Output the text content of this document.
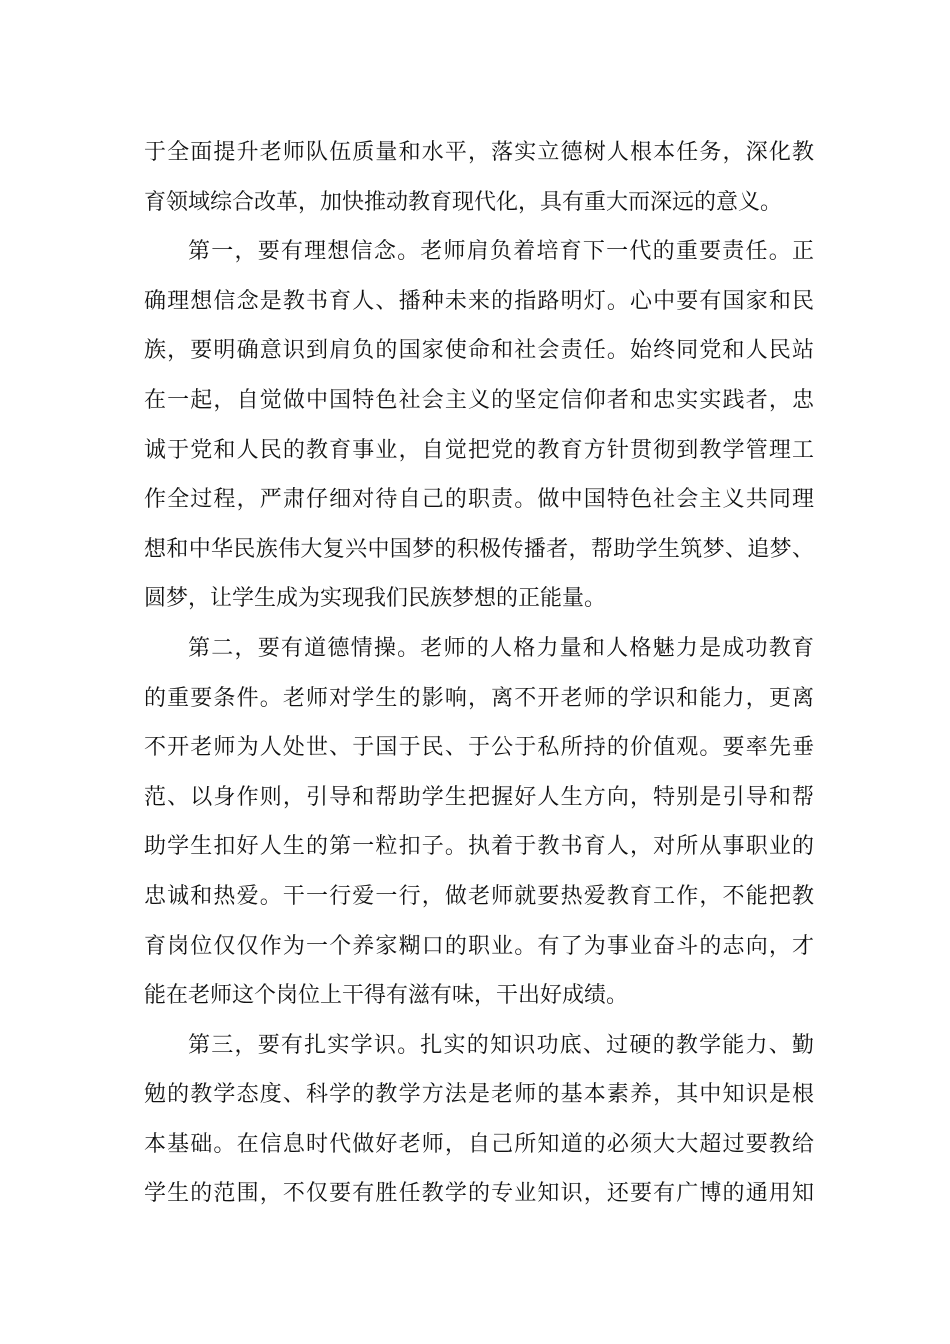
于全面提升老师队伍质量和水平，落实立德树人根本任务，深化教
育领域综合改革，加快推动教育现代化，具有重大而深远的意义。
第一，要有理想信念。老师肩负着培育下一代的重要责任。正
确理想信念是教书育人、播种未来的指路明灯。心中要有国家和民
族，要明确意识到肩负的国家使命和社会责任。始终同党和人民站
在一起，自觉做中国特色社会主义的坚定信仰者和忠实实践者，忠
诚于党和人民的教育事业，自觉把党的教育方针贯彻到教学管理工
作全过程，严肃仔细对待自己的职责。做中国特色社会主义共同理
想和中华民族伟大复兴中国梦的积极传播者，帮助学生筑梦、追梦、
圆梦，让学生成为实现我们民族梦想的正能量。
第二，要有道德情操。老师的人格力量和人格魅力是成功教育
的重要条件。老师对学生的影响，离不开老师的学识和能力，更离
不开老师为人处世、于国于民、于公于私所持的价值观。要率先垂
范、以身作则，引导和帮助学生把握好人生方向，特别是引导和帮
助学生扣好人生的第一粒扣子。执着于教书育人，对所从事职业的
忠诚和热爱。干一行爱一行，做老师就要热爱教育工作，不能把教
育岗位仅仅作为一个养家糊口的职业。有了为事业奋斗的志向，才
能在老师这个岗位上干得有滋有味，干出好成绩。
第三，要有扎实学识。扎实的知识功底、过硬的教学能力、勤
勉的教学态度、科学的教学方法是老师的基本素养，其中知识是根
本基础。在信息时代做好老师，自己所知道的必须大大超过要教给
学生的范围，不仅要有胜任教学的专业知识，还要有广博的通用知
